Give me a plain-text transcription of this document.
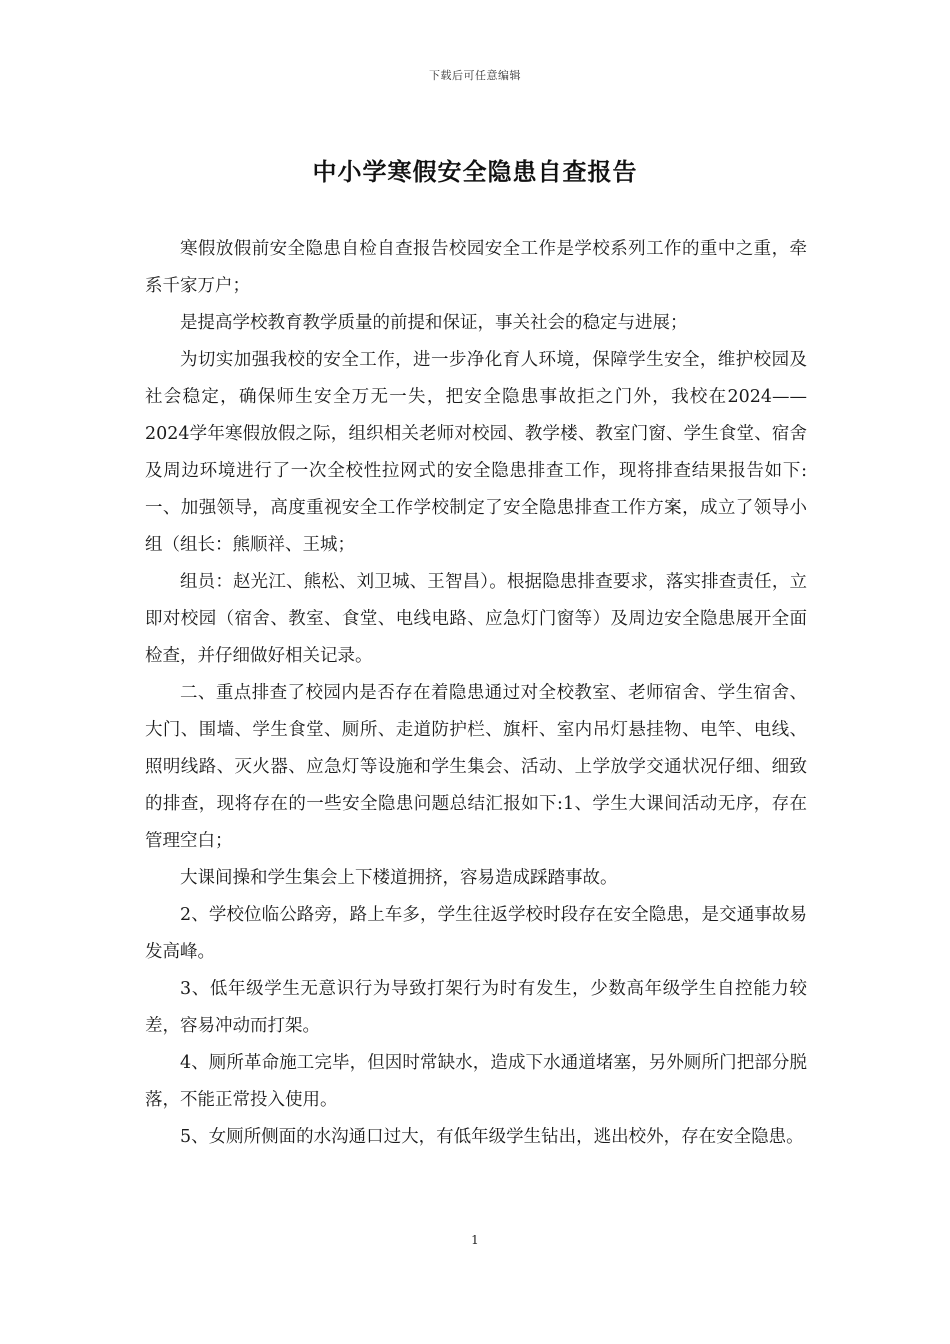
下载后可任意编辑
中小学寒假安全隐患自查报告

寒假放假前安全隐患自检自查报告校园安全工作是学校系列工作的重中之重，牵系千家万户；

是提高学校教育教学质量的前提和保证，事关社会的稳定与进展；

为切实加强我校的安全工作，进一步净化育人环境，保障学生安全，维护校园及社会稳定，确保师生安全万无一失，把安全隐患事故拒之门外，我校在2024——2024学年寒假放假之际，组织相关老师对校园、教学楼、教室门窗、学生食堂、宿舍及周边环境进行了一次全校性拉网式的安全隐患排查工作，现将排查结果报告如下:一、加强领导，高度重视安全工作学校制定了安全隐患排查工作方案，成立了领导小组（组长：熊顺祥、王城；

组员：赵光江、熊松、刘卫城、王智昌）。根据隐患排查要求，落实排查责任，立即对校园（宿舍、教室、食堂、电线电路、应急灯门窗等）及周边安全隐患展开全面检查，并仔细做好相关记录。

二、重点排查了校园内是否存在着隐患通过对全校教室、老师宿舍、学生宿舍、大门、围墙、学生食堂、厕所、走道防护栏、旗杆、室内吊灯悬挂物、电竿、电线、照明线路、灭火器、应急灯等设施和学生集会、活动、上学放学交通状况仔细、细致的排查，现将存在的一些安全隐患问题总结汇报如下:1、学生大课间活动无序，存在管理空白；

大课间操和学生集会上下楼道拥挤，容易造成踩踏事故。

2、学校位临公路旁，路上车多，学生往返学校时段存在安全隐患，是交通事故易发高峰。

3、低年级学生无意识行为导致打架行为时有发生，少数高年级学生自控能力较差，容易冲动而打架。

4、厕所革命施工完毕，但因时常缺水，造成下水通道堵塞，另外厕所门把部分脱落，不能正常投入使用。

5、女厕所侧面的水沟通口过大，有低年级学生钻出，逃出校外，存在安全隐患。

1
